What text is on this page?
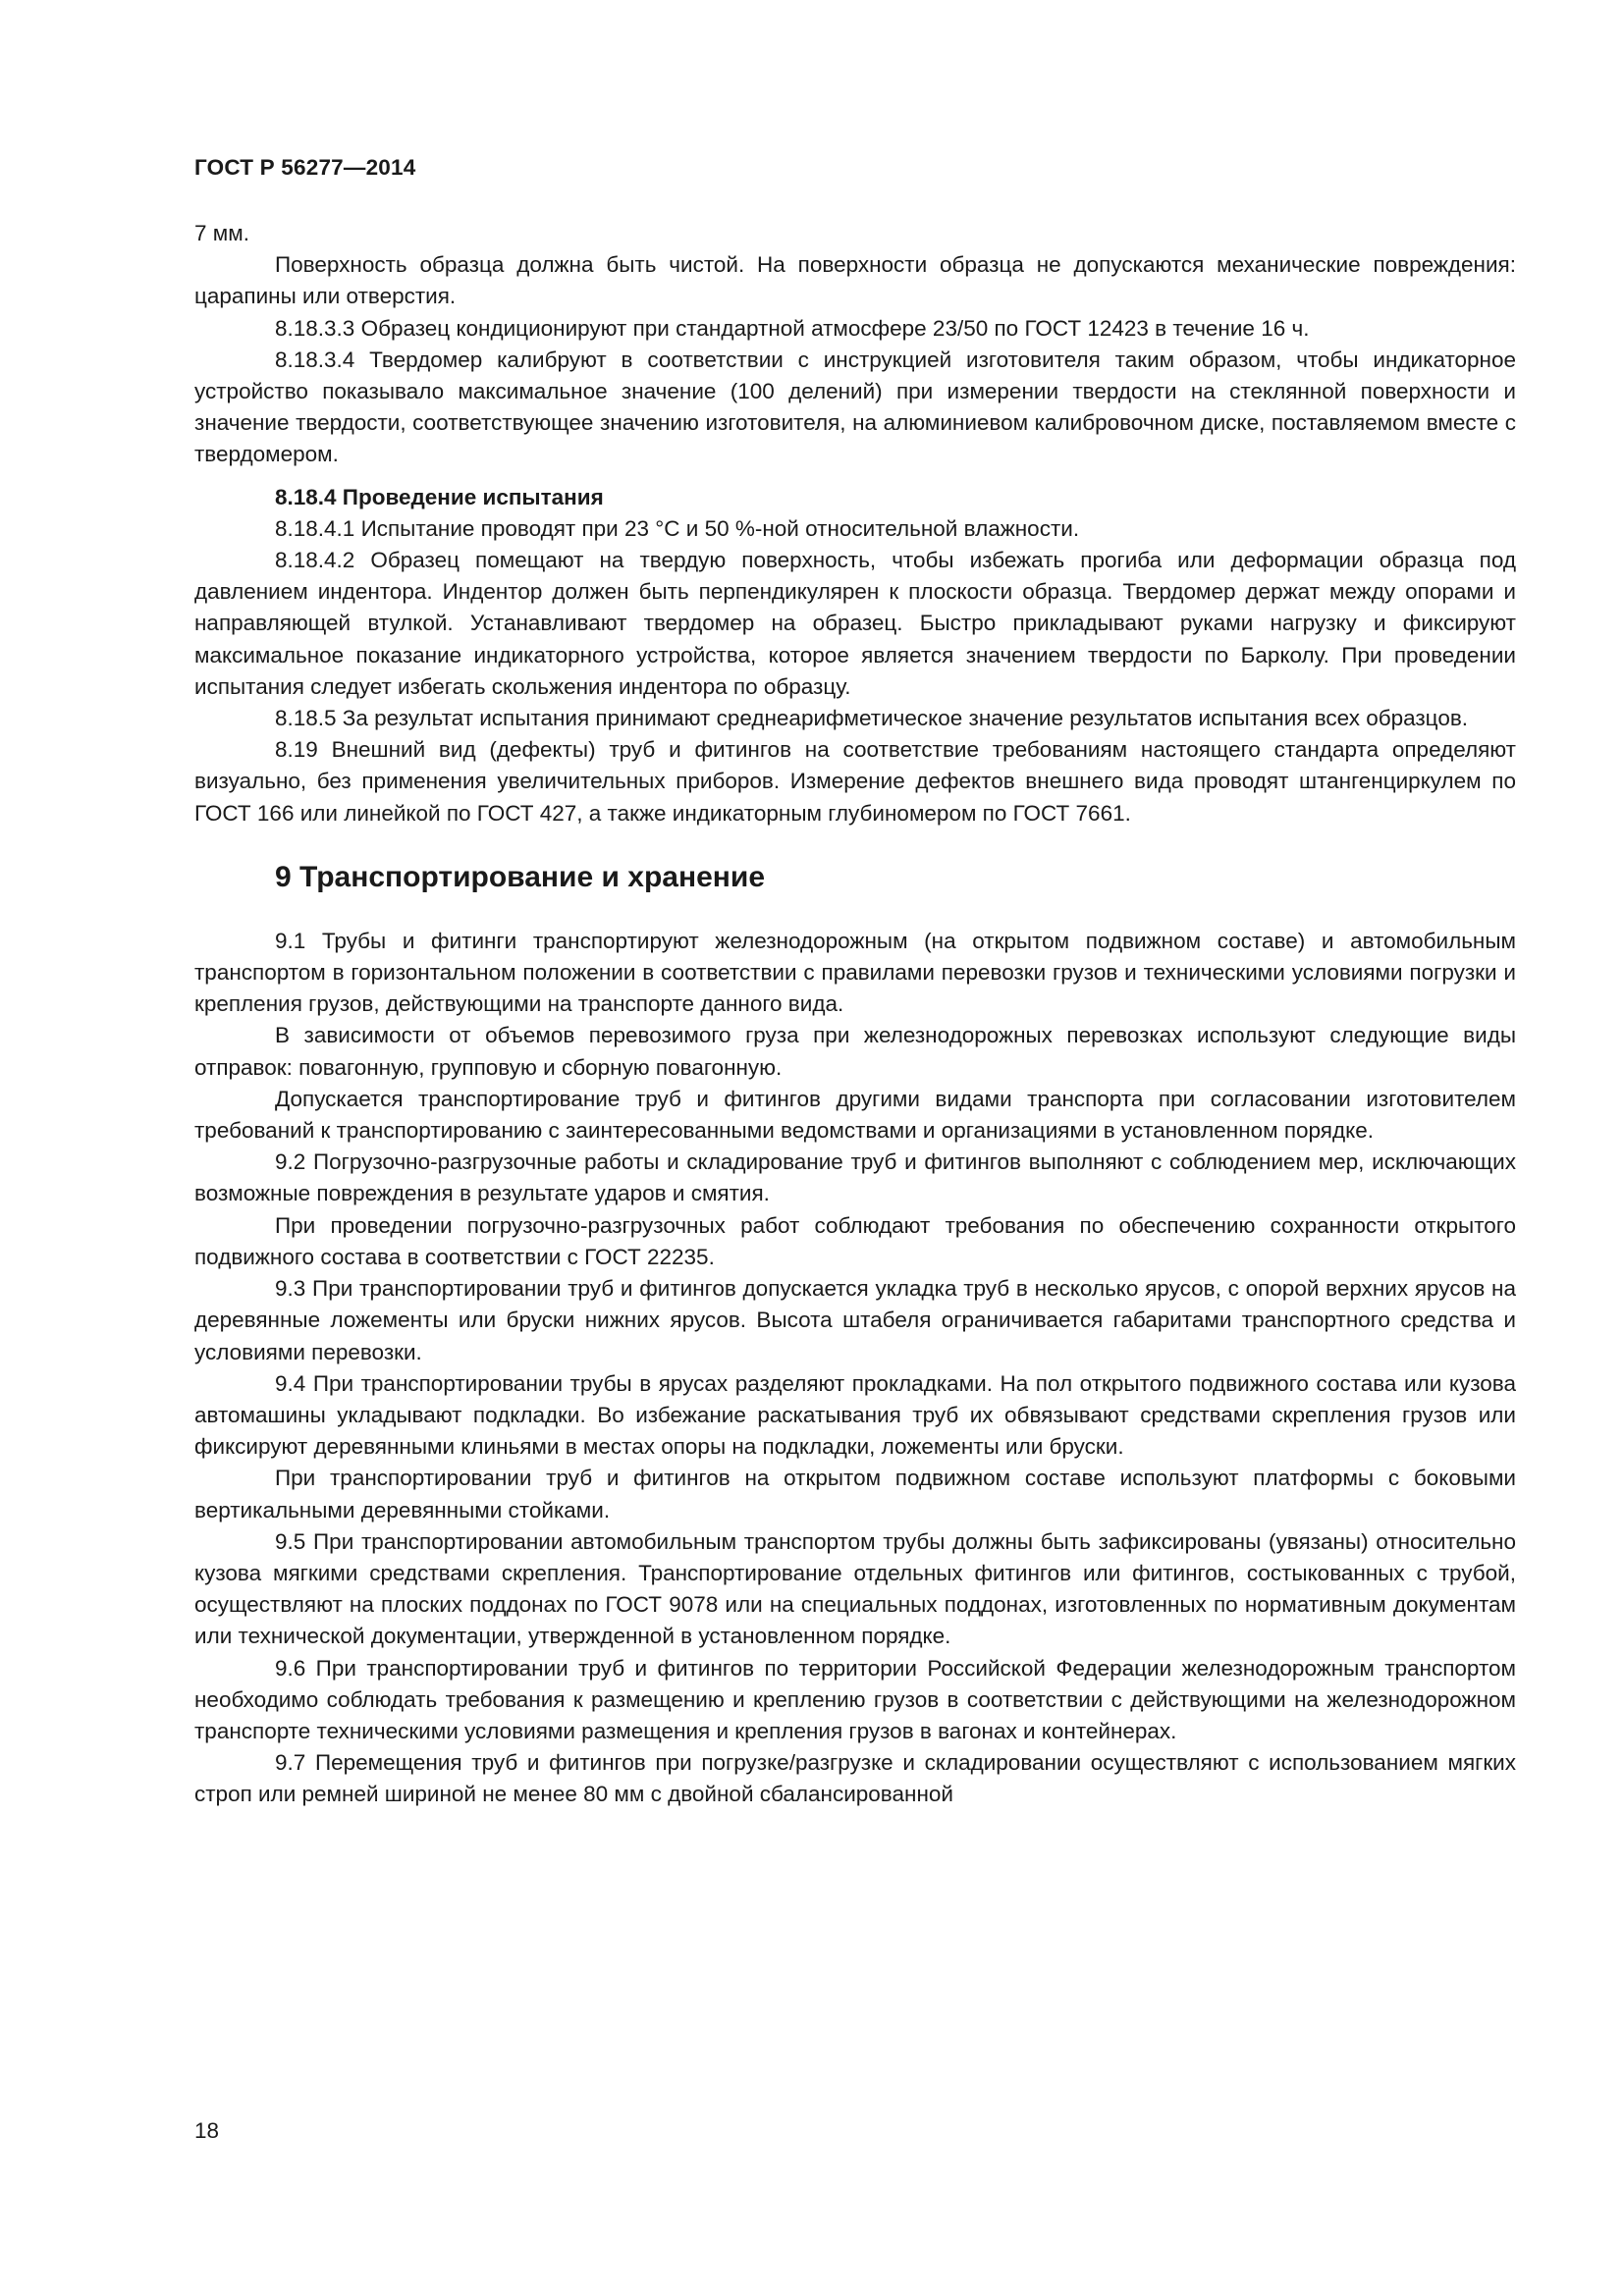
ГОСТ Р 56277—2014

7 мм.

Поверхность образца должна быть чистой. На поверхности образца не допускаются механические повреждения: царапины или отверстия.

8.18.3.3 Образец кондиционируют при стандартной атмосфере 23/50 по ГОСТ 12423 в течение 16 ч.

8.18.3.4 Твердомер калибруют в соответствии с инструкцией изготовителя таким образом, чтобы индикаторное устройство показывало максимальное значение (100 делений) при измерении твердости на стеклянной поверхности и значение твердости, соответствующее значению изготовителя, на алюминиевом калибровочном диске, поставляемом вместе с твердомером.

8.18.4 Проведение испытания

8.18.4.1 Испытание проводят при 23 °С и 50 %-ной относительной влажности.

8.18.4.2 Образец помещают на твердую поверхность, чтобы избежать прогиба или деформации образца под давлением индентора. Индентор должен быть перпендикулярен к плоскости образца. Твердомер держат между опорами и направляющей втулкой. Устанавливают твердомер на образец. Быстро прикладывают руками нагрузку и фиксируют максимальное показание индикаторного устройства, которое является значением твердости по Барколу. При проведении испытания следует избегать скольжения индентора по образцу.

8.18.5 За результат испытания принимают среднеарифметическое значение результатов испытания всех образцов.

8.19 Внешний вид (дефекты) труб и фитингов на соответствие требованиям настоящего стандарта определяют визуально, без применения увеличительных приборов. Измерение дефектов внешнего вида проводят штангенциркулем по ГОСТ 166 или линейкой по ГОСТ 427, а также индикаторным глубиномером по ГОСТ 7661.

9 Транспортирование и хранение

9.1 Трубы и фитинги транспортируют железнодорожным (на открытом подвижном составе) и автомобильным транспортом в горизонтальном положении в соответствии с правилами перевозки грузов и техническими условиями погрузки и крепления грузов, действующими на транспорте данного вида.

В зависимости от объемов перевозимого груза при железнодорожных перевозках используют следующие виды отправок: повагонную, групповую и сборную повагонную.

Допускается транспортирование труб и фитингов другими видами транспорта при согласовании изготовителем требований к транспортированию с заинтересованными ведомствами и организациями в установленном порядке.

9.2 Погрузочно-разгрузочные работы и складирование труб и фитингов выполняют с соблюдением мер, исключающих возможные повреждения в результате ударов и смятия.

При проведении погрузочно-разгрузочных работ соблюдают требования по обеспечению сохранности открытого подвижного состава в соответствии с ГОСТ 22235.

9.3 При транспортировании труб и фитингов допускается укладка труб в несколько ярусов, с опорой верхних ярусов на деревянные ложементы или бруски нижних ярусов. Высота штабеля ограничивается габаритами транспортного средства и условиями перевозки.

9.4 При транспортировании трубы в ярусах разделяют прокладками. На пол открытого подвижного состава или кузова автомашины укладывают подкладки. Во избежание раскатывания труб их обвязывают средствами скрепления грузов или фиксируют деревянными клиньями в местах опоры на подкладки, ложементы или бруски.

При транспортировании труб и фитингов на открытом подвижном составе используют платформы с боковыми вертикальными деревянными стойками.

9.5 При транспортировании автомобильным транспортом трубы должны быть зафиксированы (увязаны) относительно кузова мягкими средствами скрепления. Транспортирование отдельных фитингов или фитингов, состыкованных с трубой, осуществляют на плоских поддонах по ГОСТ 9078 или на специальных поддонах, изготовленных по нормативным документам или технической документации, утвержденной в установленном порядке.

9.6 При транспортировании труб и фитингов по территории Российской Федерации железнодорожным транспортом необходимо соблюдать требования к размещению и креплению грузов в соответствии с действующими на железнодорожном транспорте техническими условиями размещения и крепления грузов в вагонах и контейнерах.

9.7 Перемещения труб и фитингов при погрузке/разгрузке и складировании осуществляют с использованием мягких строп или ремней шириной не менее 80 мм с двойной сбалансированной

18
